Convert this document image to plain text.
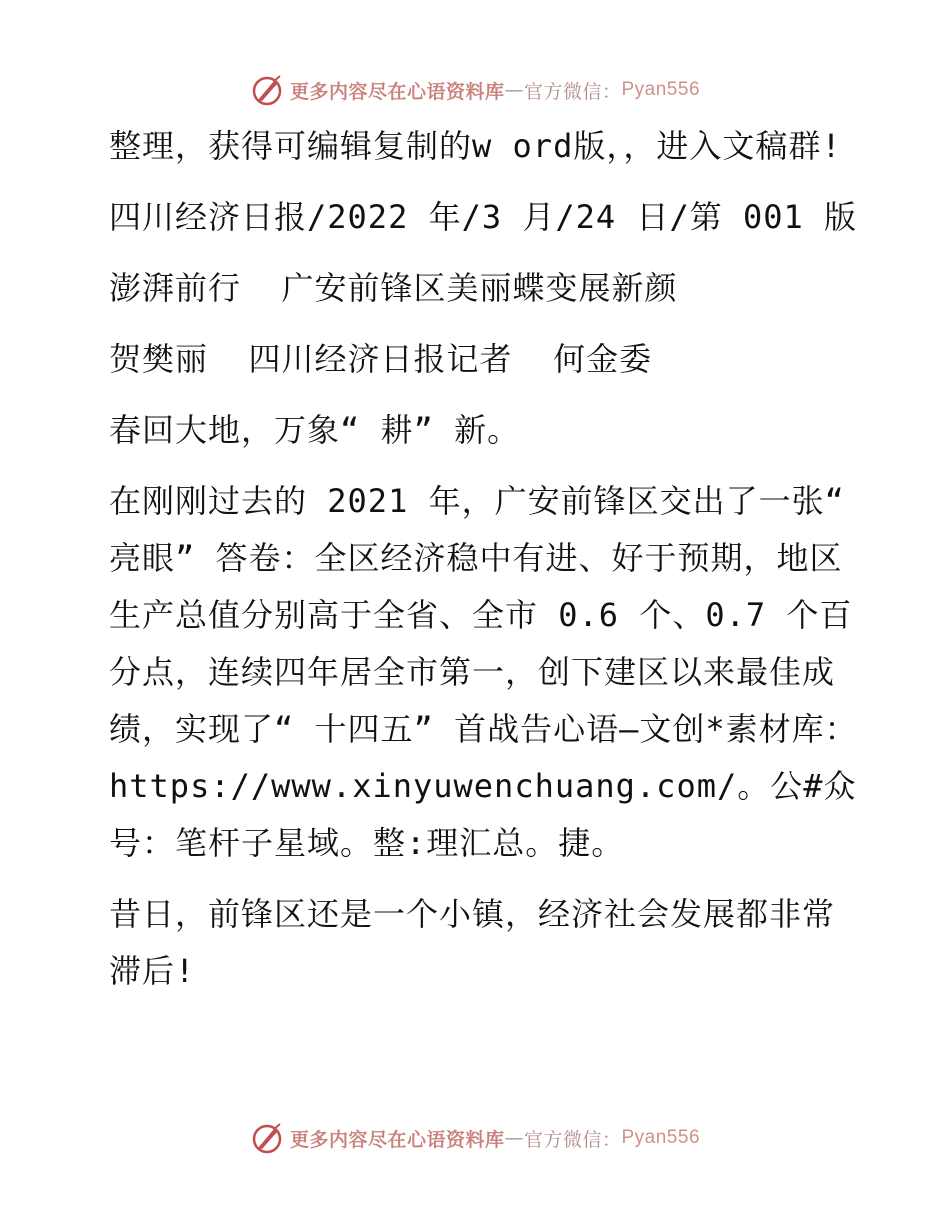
更多内容尽在心语资料库 — 官方微信： Pyan556

整理，获得可编辑复制的w ord版，，进入文稿群!

四川经济日报/2022 年/3 月/24 日/第 001 版

澎湃前行  广安前锋区美丽蝶变展新颜

贺樊丽  四川经济日报记者  何金委

春回大地，万象“ 耕” 新。

在刚刚过去的 2021 年，广安前锋区交出了一张“ 亮眼” 答卷：全区经济稳中有进、好于预期，地区生产总值分别高于全省、全市 0.6 个、0.7 个百分点，连续四年居全市第一，创下建区以来最佳成绩，实现了“ 十四五” 首战告心语—文创*素材库：https://www.xinyuwenchuang.com/。公#众号：笔杆子星域。整:理汇总。捷。

昔日，前锋区还是一个小镇，经济社会发展都非常滞后!

更多内容尽在心语资料库 — 官方微信： Pyan556
